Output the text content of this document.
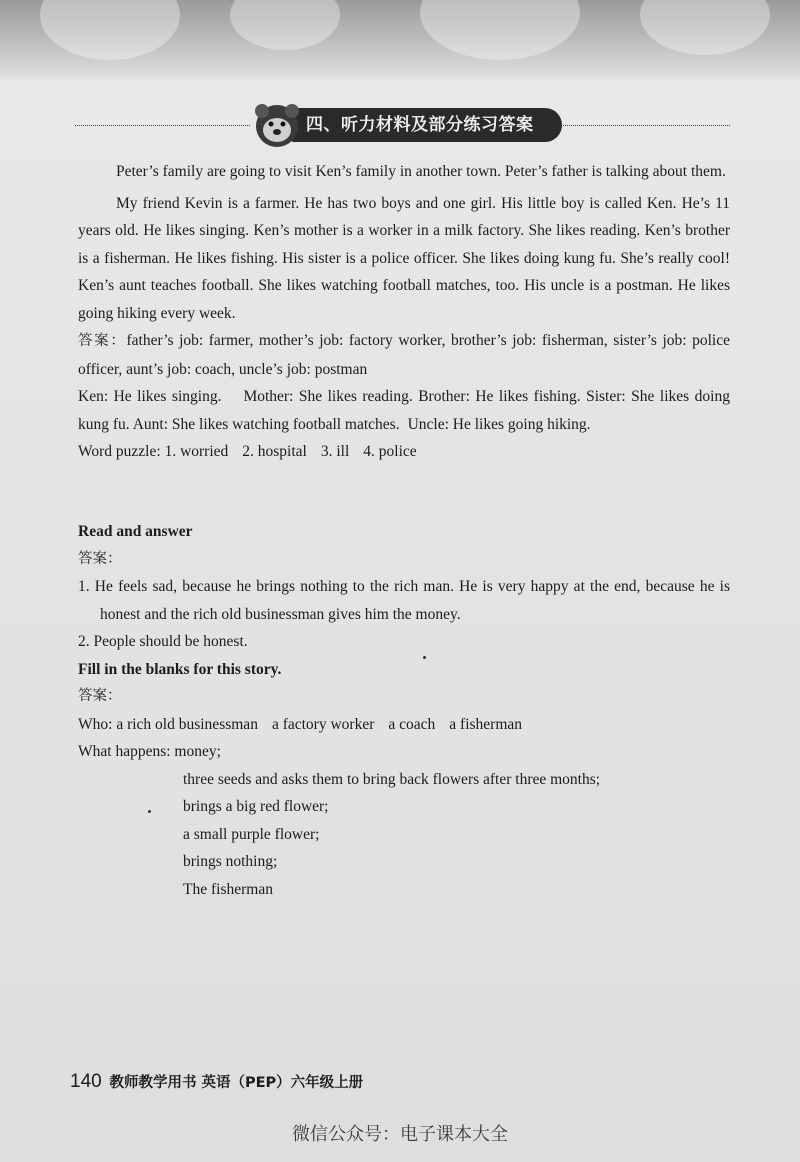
四、听力材料及部分练习答案

Peter’s family are going to visit Ken’s family in another town. Peter’s father is talking about them.

My friend Kevin is a farmer. He has two boys and one girl. His little boy is called Ken. He’s 11 years old. He likes singing. Ken’s mother is a worker in a milk factory. She likes reading. Ken’s brother is a fisherman. He likes fishing. His sister is a police officer. She likes doing kung fu. She’s really cool! Ken’s aunt teaches football. She likes watching football matches, too. His uncle is a postman. He likes going hiking every week.

答案：father’s job: farmer, mother’s job: factory worker, brother’s job: fisherman, sister’s job: police officer, aunt’s job: coach, uncle’s job: postman

Ken: He likes singing. Mother: She likes reading. Brother: He likes fishing. Sister: She likes doing kung fu. Aunt: She likes watching football matches. Uncle: He likes going hiking.

Word puzzle: 1. worried 2. hospital 3. ill 4. police

Read and answer

答案：

1. He feels sad, because he brings nothing to the rich man. He is very happy at the end, because he is honest and the rich old businessman gives him the money.

2. People should be honest.

Fill in the blanks for this story.

答案：

Who: a rich old businessman a factory worker a coach a fisherman

What happens: money;

three seeds and asks them to bring back flowers after three months;

brings a big red flower;

a small purple flower;

brings nothing;

The fisherman

140 教师教学用书 英语（PEP）六年级上册
微信公众号：电子课本大全
